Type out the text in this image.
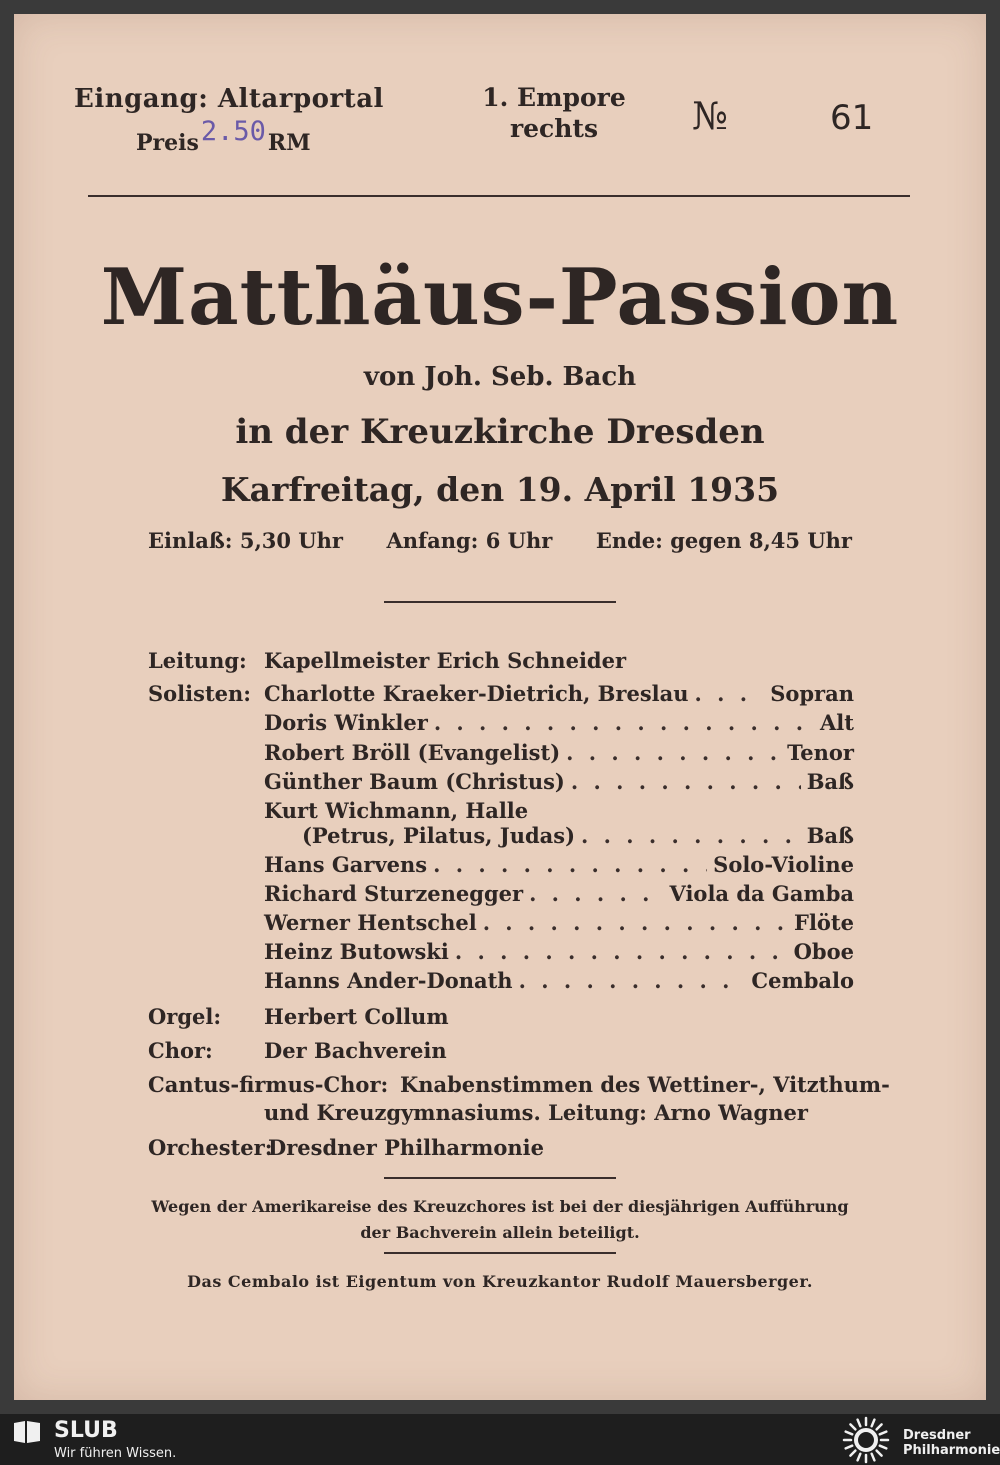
Eingang: Altarportal
Preis2.50RM
1. Empore
rechts	№	61
Matthäus-Passion
von Joh. Seb. Bach
in der Kreuzkirche Dresden
Karfreitag, den 19. April 1935
Einlaß: 5,30 Uhr Anfang: 6 Uhr Ende: gegen 8,45 Uhr
Leitung: Kapellmeister Erich Schneider
Solisten: Charlotte Kraeker-Dietrich, Breslau . . .	Sopran
Doris Winkler . . .	Alt
Robert Bröll (Evangelist) . . .	Tenor
Günther Baum (Christus) . . .	Baß
Kurt Wichmann, Halle
(Petrus, Pilatus, Judas) . . .	Baß
Hans Garvens . . .	Solo-Violine
Richard Sturzenegger . . .	Viola da Gamba
Werner Hentschel . . .	Flöte
Heinz Butowski . . .	Oboe
Hanns Ander-Donath . . .	Cembalo
Orgel: Herbert Collum
Chor: Der Bachverein
Cantus-firmus-Chor: Knabenstimmen des Wettiner-, Vitzthum-
und Kreuzgymnasiums. Leitung: Arno Wagner
Orchester:
Dresdner Philharmonie
Wegen der Amerikareise des Kreuzchores ist bei der diesjährigen Aufführung
der Bachverein allein beteiligt.
Das Cembalo ist Eigentum von Kreuzkantor Rudolf Mauersberger.
SLUB
Wir führen Wissen.
Dresdner
Philharmonie
